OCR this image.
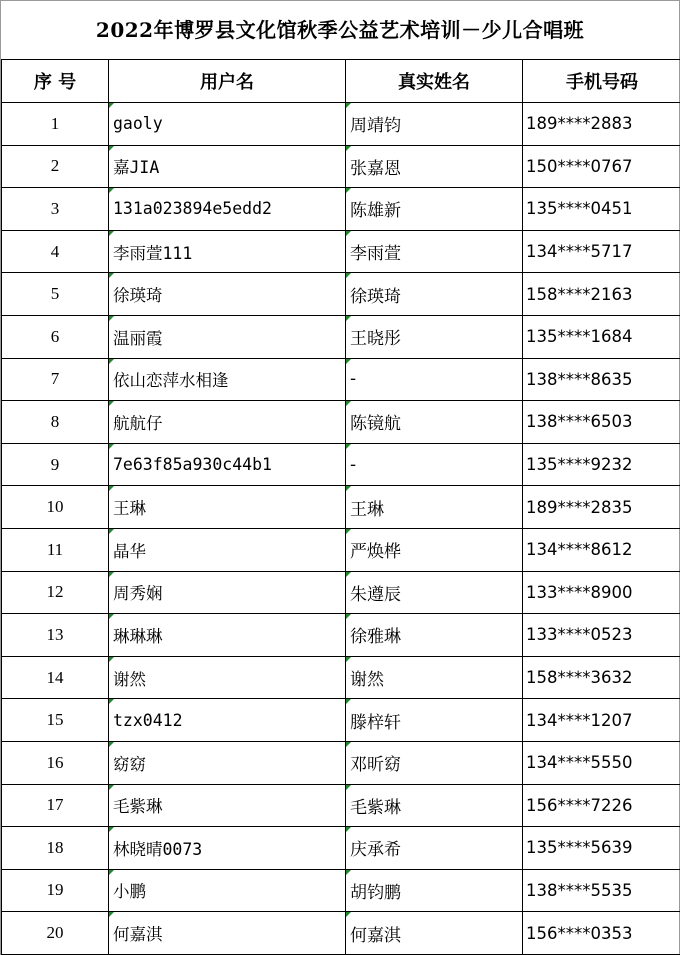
2022年博罗县文化馆秋季公益艺术培训－少儿合唱班
序 号	用户名	真实姓名	手机号码
1	gaoly	周靖钧	189****2883
2	嘉JIA	张嘉恩	150****0767
3	131a023894e5edd2	陈雄新	135****0451
4	李雨萱111	李雨萱	134****5717
5	徐瑛琦	徐瑛琦	158****2163
6	温丽霞	王晓彤	135****1684
7	依山恋萍水相逢	-	138****8635
8	航航仔	陈镜航	138****6503
9	7e63f85a930c44b1	-	135****9232
10	王琳	王琳	189****2835
11	晶华	严焕桦	134****8612
12	周秀娴	朱遵辰	133****8900
13	琳琳琳	徐雅琳	133****0523
14	谢然	谢然	158****3632
15	tzx0412	滕梓轩	134****1207
16	窈窈	邓昕窈	134****5550
17	毛紫琳	毛紫琳	156****7226
18	林晓晴0073	庆承希	135****5639
19	小鹏	胡钧鹏	138****5535
20	何嘉淇	何嘉淇	156****0353
